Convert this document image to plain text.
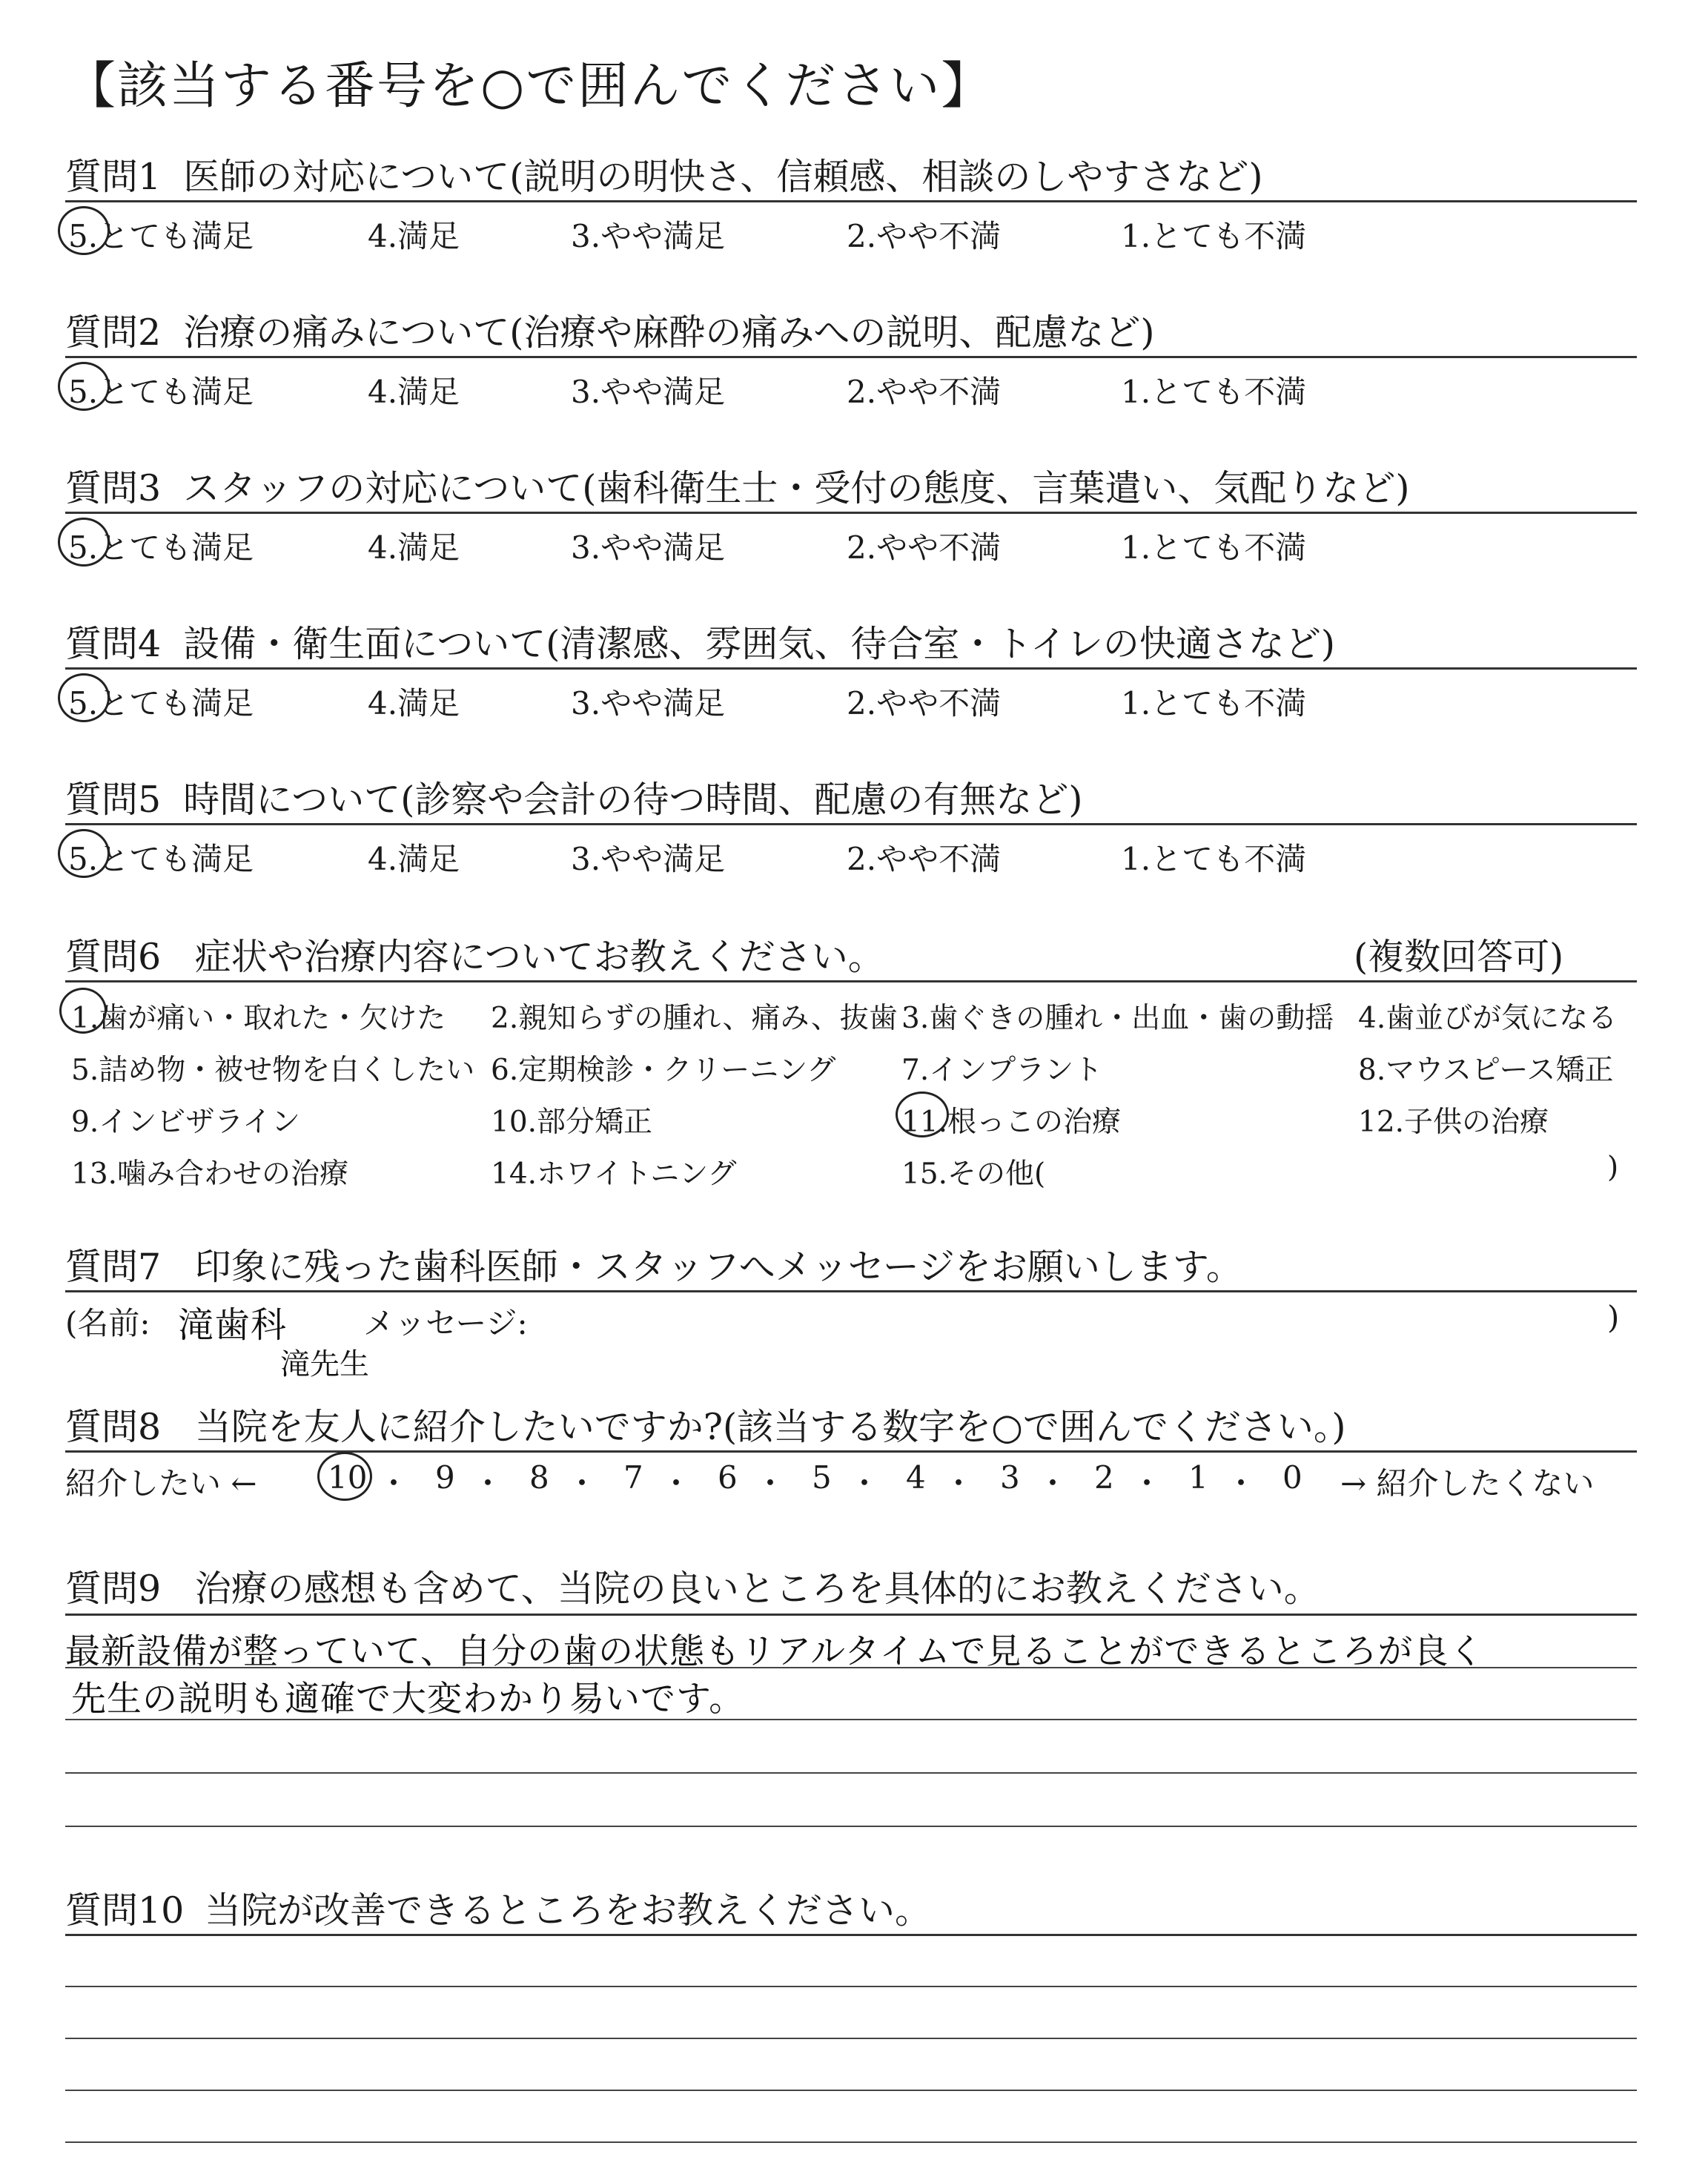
【該当する番号を○で囲んでください】
質問1 医師の対応について(説明の明快さ、信頼感、相談のしやすさなど)
5.とても満足	4.満足	3.やや満足	2.やや不満	1.とても不満
質問2 治療の痛みについて(治療や麻酔の痛みへの説明、配慮など)
5.とても満足	4.満足	3.やや満足	2.やや不満	1.とても不満
質問3 スタッフの対応について(歯科衛生士・受付の態度、言葉遣い、気配りなど)
5.とても満足	4.満足	3.やや満足	2.やや不満	1.とても不満
質問4 設備・衛生面について(清潔感、雰囲気、待合室・トイレの快適さなど)
5.とても満足	4.満足	3.やや満足	2.やや不満	1.とても不満
質問5 時間について(診察や会計の待つ時間、配慮の有無など)
5.とても満足	4.満足	3.やや満足	2.やや不満	1.とても不満
質問6 症状や治療内容についてお教えください。	(複数回答可)
1.歯が痛い・取れた・欠けた 2.親知らずの腫れ、痛み、抜歯 3.歯ぐきの腫れ・出血・歯の動揺 4.歯並びが気になる
5.詰め物・被せ物を白くしたい 6.定期検診・クリーニング 7.インプラント	8.マウスピース矯正
9.インビザライン	10.部分矯正	11.根っこの治療	12.子供の治療
13.噛み合わせの治療	14.ホワイトニング	15.その他(	)
質問7 印象に残った歯科医師・スタッフへメッセージをお願いします。
(名前: 滝歯科
滝先生
メッセージ:	)
質問8 当院を友人に紹介したいですか?(該当する数字を○で囲んでください。)
紹介したい ←	→ 紹介したくない
10 ・ 9 ・ 8 ・ 7 ・ 6 ・ 5 ・ 4 ・ 3 ・ 2 ・ 1 ・ 0
質問9 治療の感想も含めて、当院の良いところを具体的にお教えください。
最新設備が整っていて、自分の歯の状態もリアルタイムで見ることができるところが良く
先生の説明も適確で大変わかり易いです。
質問10 当院が改善できるところをお教えください。
